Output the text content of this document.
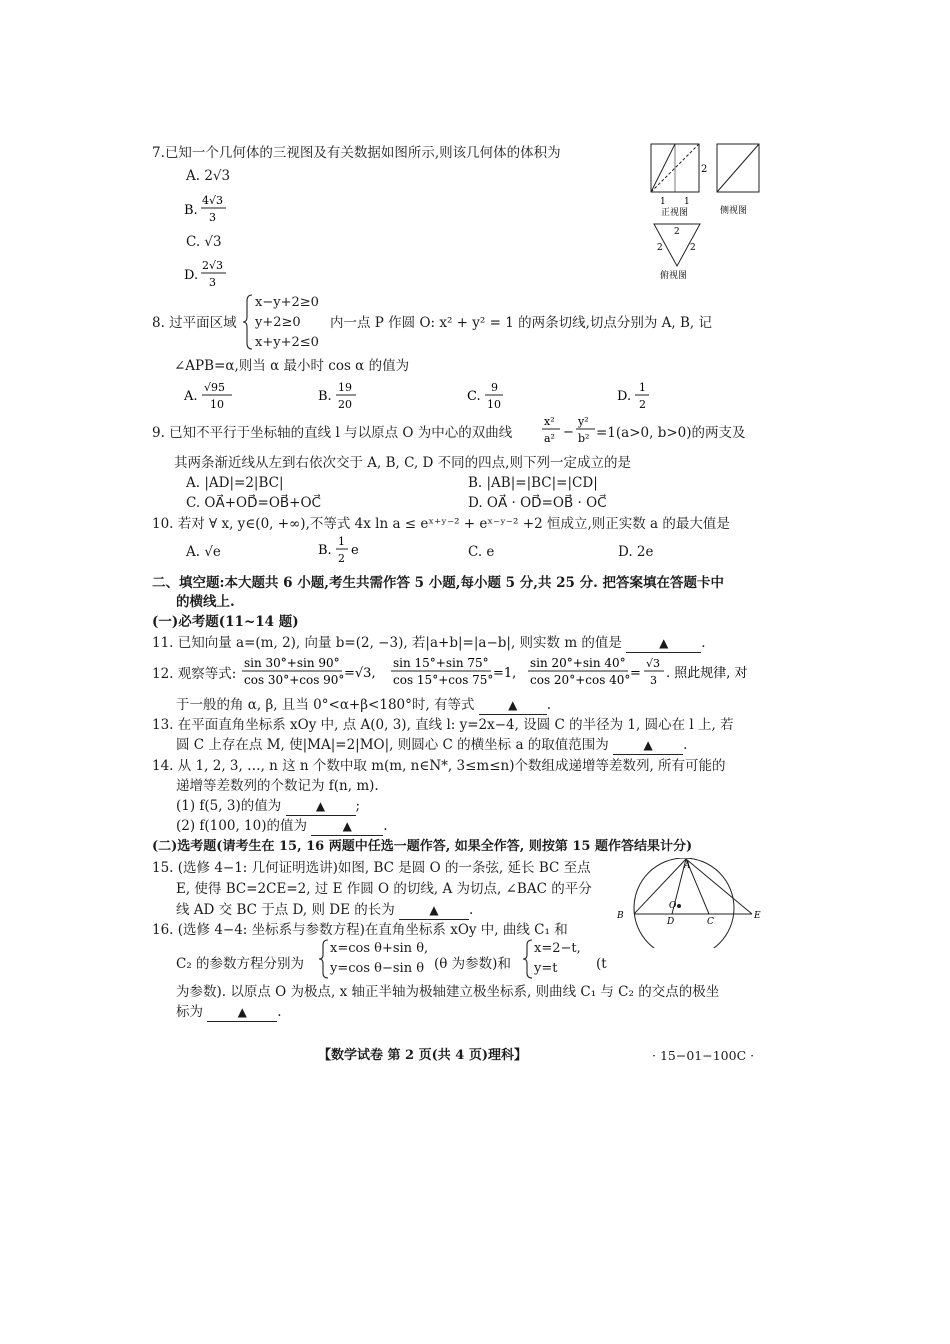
7.已知一个几何体的三视图及有关数据如图所示,则该几何体的体积为
A. 2√3
B.
4√3
3
C. √3
D.
2√3
3
2
1 1
正视图	侧视图
2
2	2
俯视图
8. 过平面区域
x−y+2≥0
y+2≥0
x+y+2≤0
内一点 P 作圆 O: x² + y² = 1 的两条切线,切点分别为 A, B, 记
∠APB=α,则当 α 最小时 cos α 的值为
A.
√95
10
B.
19
20
C.
9
10
D.
1
2
9. 已知不平行于坐标轴的直线 l 与以原点 O 为中心的双曲线
x²
a² −
y²
b² =1(a>0, b>0)的两支及
其两条渐近线从左到右依次交于 A, B, C, D 不同的四点,则下列一定成立的是
A. |AD|=2|BC|	B. |AB|=|BC|=|CD|
C. OA⃗+OD⃗=OB⃗+OC⃗	D. OA⃗ · OD⃗=OB⃗ · OC⃗
10. 若对 ∀ x, y∈(0, +∞),不等式 4x ln a ≤ eˣ⁺ʸ⁻² + eˣ⁻ʸ⁻² +2 恒成立,则正实数 a 的最大值是
A. √e	B.
1
2
e	C. e	D. 2e
二、填空题:本大题共 6 小题,考生共需作答 5 小题,每小题 5 分,共 25 分. 把答案填在答题卡中
的横线上.
(一)必考题(11~14 题)
11. 已知向量 a=(m, 2), 向量 b=(2, −3), 若|a+b|=|a−b|, 则实数 m 的值是	▲ .
12. 观察等式:
sin 30°+sin 90°
cos 30°+cos 90° =√3,
sin 15°+sin 75°
cos 15°+cos 75° =1,
sin 20°+sin 40°
cos 20°+cos 40° =
√3
3 . 照此规律, 对
于一般的角 α, β, 且当 0°<α+β<180°时, 有等式	▲ .
13. 在平面直角坐标系 xOy 中, 点 A(0, 3), 直线 l: y=2x−4, 设圆 C 的半径为 1, 圆心在 l 上, 若
圆 C 上存在点 M, 使|MA|=2|MO|, 则圆心 C 的横坐标 a 的取值范围为	▲ .
14. 从 1, 2, 3, …, n 这 n 个数中取 m(m, n∈N*, 3≤m≤n)个数组成递增等差数列, 所有可能的
递增等差数列的个数记为 f(n, m).
(1) f(5, 3)的值为	▲ ;
(2) f(100, 10)的值为	▲ .
(二)选考题(请考生在 15, 16 两题中任选一题作答, 如果全作答, 则按第 15 题作答结果计分)
15. (选修 4−1: 几何证明选讲)如图, BC 是圆 O 的一条弦, 延长 BC 至点
E, 使得 BC=2CE=2, 过 E 作圆 O 的切线, A 为切点, ∠BAC 的平分
线 AD 交 BC 于点 D, 则 DE 的长为	▲ .
A
B
C
D
E
O
16. (选修 4−4: 坐标系与参数方程)在直角坐标系 xOy 中, 曲线 C₁ 和
C₂ 的参数方程分别为
x=cos θ+sin θ,
y=cos θ−sin θ (θ 为参数)和
x=2−t,
y=t	(t
为参数). 以原点 O 为极点, x 轴正半轴为极轴建立极坐标系, 则曲线 C₁ 与 C₂ 的交点的极坐
标为	▲ .
【数学试卷 第 2 页(共 4 页)理科】	· 15−01−100C ·
